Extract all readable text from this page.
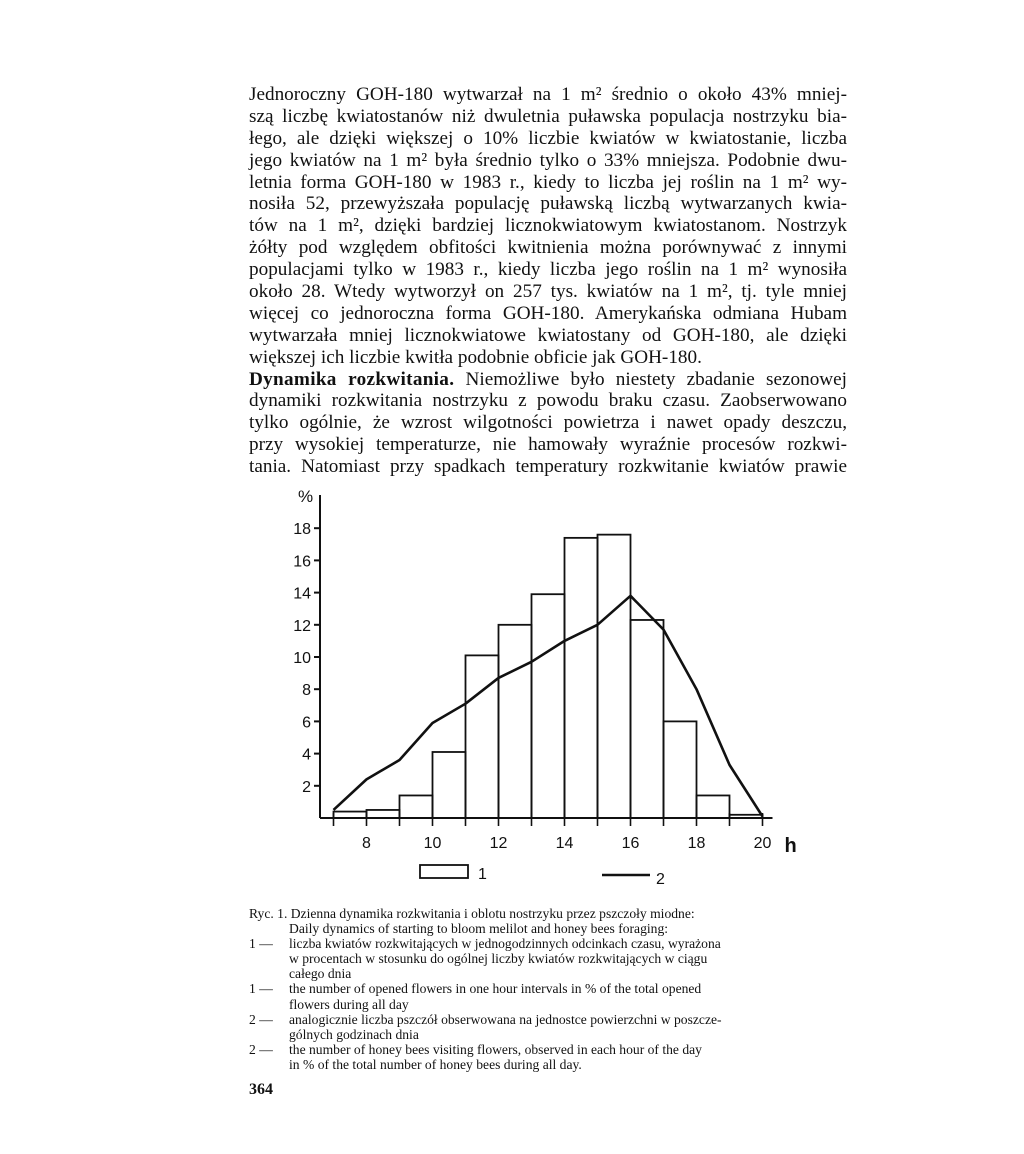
Jednoroczny GOH-180 wytwarzał na 1 m² średnio o około 43% mniej-
szą liczbę kwiatostanów niż dwuletnia puławska populacja nostrzyku bia-
łego, ale dzięki większej o 10% liczbie kwiatów w kwiatostanie, liczba
jego kwiatów na 1 m² była średnio tylko o 33% mniejsza. Podobnie dwu-
letnia forma GOH-180 w 1983 r., kiedy to liczba jej roślin na 1 m² wy-
nosiła 52, przewyższała populację puławską liczbą wytwarzanych kwia-
tów na 1 m², dzięki bardziej licznokwiatowym kwiatostanom. Nostrzyk
żółty pod względem obfitości kwitnienia można porównywać z innymi
populacjami tylko w 1983 r., kiedy liczba jego roślin na 1 m² wynosiła
około 28. Wtedy wytworzył on 257 tys. kwiatów na 1 m², tj. tyle mniej
więcej co jednoroczna forma GOH-180. Amerykańska odmiana Hubam
wytwarzała mniej licznokwiatowe kwiatostany od GOH-180, ale dzięki
większej ich liczbie kwitła podobnie obficie jak GOH-180.
Dynamika rozkwitania. Niemożliwe było niestety zbadanie sezonowej
dynamiki rozkwitania nostrzyku z powodu braku czasu. Zaobserwowano
tylko ogólnie, że wzrost wilgotności powietrza i nawet opady deszczu,
przy wysokiej temperaturze, nie hamowały wyraźnie procesów rozkwi-
tania. Natomiast przy spadkach temperatury rozkwitanie kwiatów prawie
%
2
4
6
8
10
12
14
16
18
8	10	12	14	16	18	20 h
1	2
Ryc. 1. Dzienna dynamika rozkwitania i oblotu nostrzyku przez pszczoły miodne:
Daily dynamics of starting to bloom melilot and honey bees foraging:
1 —	liczba kwiatów rozkwitających w jednogodzinnych odcinkach czasu, wyrażona
w procentach w stosunku do ogólnej liczby kwiatów rozkwitających w ciągu
całego dnia
1 —	the number of opened flowers in one hour intervals in % of the total opened
flowers during all day
2 —	analogicznie liczba pszczół obserwowana na jednostce powierzchni w poszcze-
gólnych godzinach dnia
2 —	the number of honey bees visiting flowers, observed in each hour of the day
in % of the total number of honey bees during all day.
364
